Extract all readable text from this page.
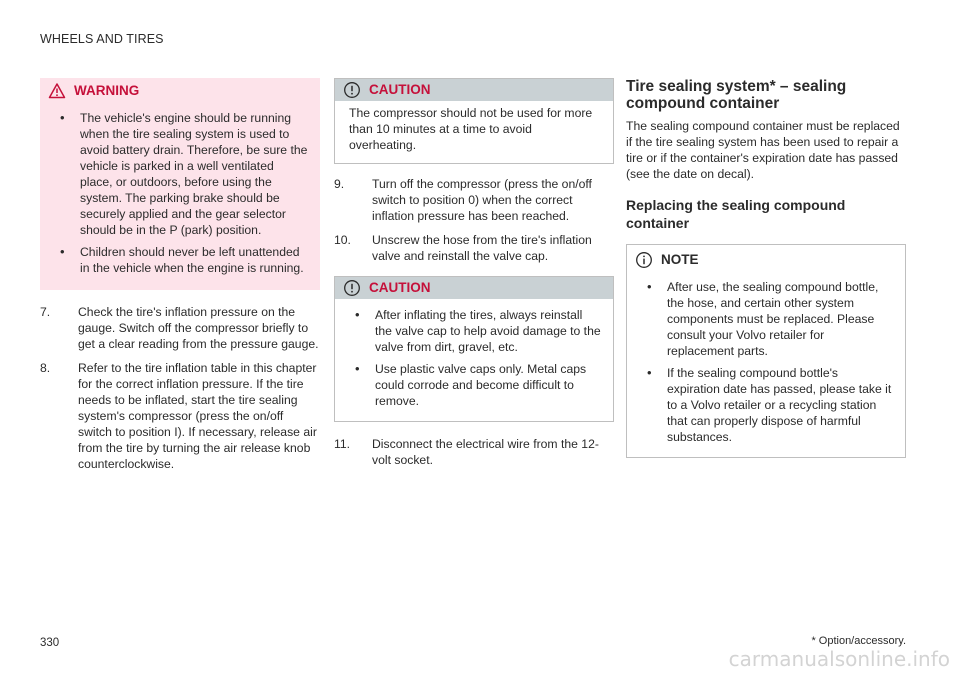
WHEELS AND TIRES
WARNING
• The vehicle's engine should be running when the tire sealing system is used to avoid battery drain. Therefore, be sure the vehicle is parked in a well ventilated place, or outdoors, before using the system. The parking brake should be securely applied and the gear selector should be in the P (park) position.
• Children should never be left unattended in the vehicle when the engine is running.
7. Check the tire's inflation pressure on the gauge. Switch off the compressor briefly to get a clear reading from the pressure gauge.
8. Refer to the tire inflation table in this chapter for the correct inflation pressure. If the tire needs to be inflated, start the tire sealing system's compressor (press the on/off switch to position I). If necessary, release air from the tire by turning the air release knob counterclockwise.
CAUTION
The compressor should not be used for more than 10 minutes at a time to avoid overheating.
9. Turn off the compressor (press the on/off switch to position 0) when the correct inflation pressure has been reached.
10. Unscrew the hose from the tire's inflation valve and reinstall the valve cap.
CAUTION
• After inflating the tires, always reinstall the valve cap to help avoid damage to the valve from dirt, gravel, etc.
• Use plastic valve caps only. Metal caps could corrode and become difficult to remove.
11. Disconnect the electrical wire from the 12-volt socket.
Tire sealing system* – sealing compound container
The sealing compound container must be replaced if the tire sealing system has been used to repair a tire or if the container's expiration date has passed (see the date on decal).
Replacing the sealing compound container
NOTE
• After use, the sealing compound bottle, the hose, and certain other system components must be replaced. Please consult your Volvo retailer for replacement parts.
• If the sealing compound bottle's expiration date has passed, please take it to a Volvo retailer or a recycling station that can properly dispose of harmful substances.
330	* Option/accessory.
carmanualsonline.info
